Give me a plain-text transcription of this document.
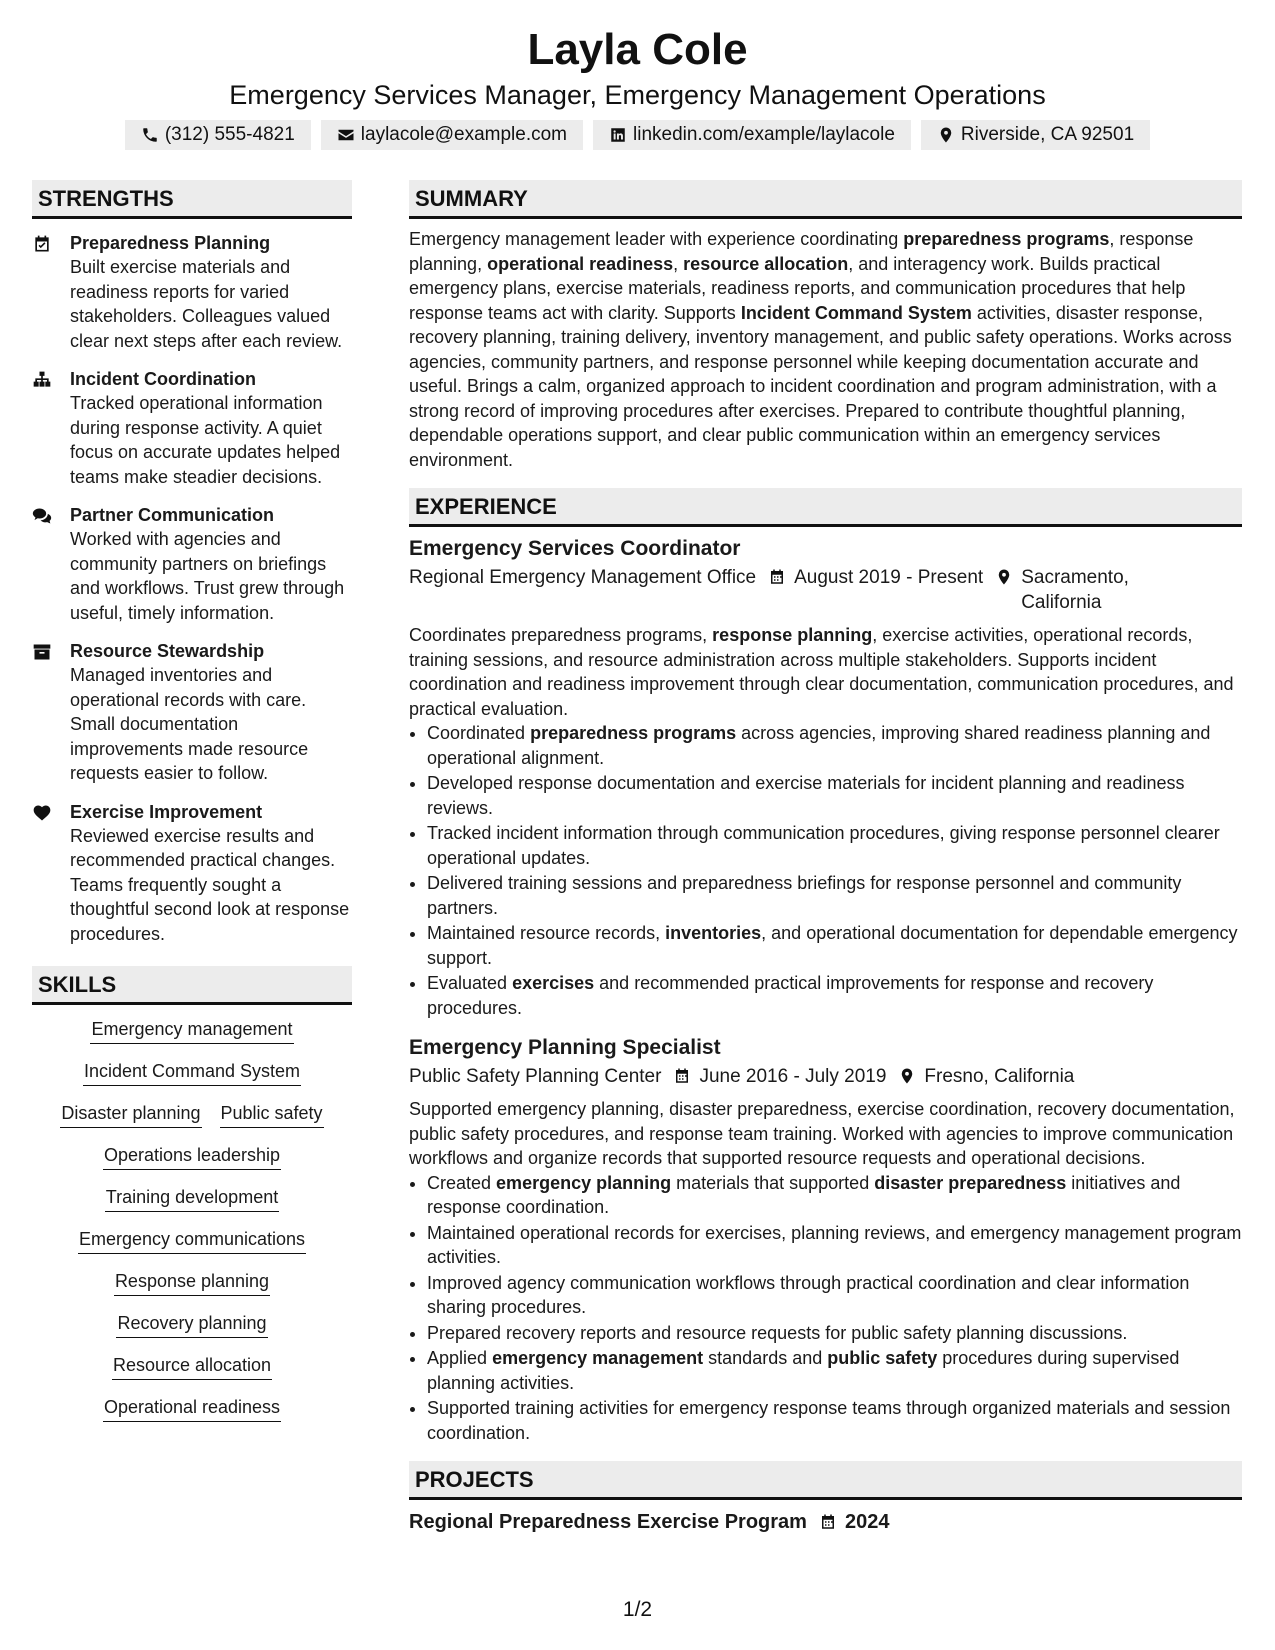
Layla Cole
Emergency Services Manager, Emergency Management Operations
(312) 555-4821	laylacole@example.com	linkedin.com/example/laylacole	Riverside, CA 92501
STRENGTHS
Preparedness Planning
Built exercise materials and readiness reports for varied stakeholders. Colleagues valued clear next steps after each review.
Incident Coordination
Tracked operational information during response activity. A quiet focus on accurate updates helped teams make steadier decisions.
Partner Communication
Worked with agencies and community partners on briefings and workflows. Trust grew through useful, timely information.
Resource Stewardship
Managed inventories and operational records with care. Small documentation improvements made resource requests easier to follow.
Exercise Improvement
Reviewed exercise results and recommended practical changes. Teams frequently sought a thoughtful second look at response procedures.
SKILLS
Emergency management
Incident Command System
Disaster planning Public safety
Operations leadership
Training development
Emergency communications
Response planning
Recovery planning
Resource allocation
Operational readiness
SUMMARY
Emergency management leader with experience coordinating preparedness programs, response planning, operational readiness, resource allocation, and interagency work. Builds practical emergency plans, exercise materials, readiness reports, and communication procedures that help response teams act with clarity. Supports Incident Command System activities, disaster response, recovery planning, training delivery, inventory management, and public safety operations. Works across agencies, community partners, and response personnel while keeping documentation accurate and useful. Brings a calm, organized approach to incident coordination and program administration, with a strong record of improving procedures after exercises. Prepared to contribute thoughtful planning, dependable operations support, and clear public communication within an emergency services environment.
EXPERIENCE
Emergency Services Coordinator
Regional Emergency Management Office August 2019 - Present Sacramento, California
Coordinates preparedness programs, response planning, exercise activities, operational records, training sessions, and resource administration across multiple stakeholders. Supports incident coordination and readiness improvement through clear documentation, communication procedures, and practical evaluation.
• Coordinated preparedness programs across agencies, improving shared readiness planning and operational alignment.
• Developed response documentation and exercise materials for incident planning and readiness reviews.
• Tracked incident information through communication procedures, giving response personnel clearer operational updates.
• Delivered training sessions and preparedness briefings for response personnel and community partners.
• Maintained resource records, inventories, and operational documentation for dependable emergency support.
• Evaluated exercises and recommended practical improvements for response and recovery procedures.
Emergency Planning Specialist
Public Safety Planning Center June 2016 - July 2019 Fresno, California
Supported emergency planning, disaster preparedness, exercise coordination, recovery documentation, public safety procedures, and response team training. Worked with agencies to improve communication workflows and organize records that supported resource requests and operational decisions.
• Created emergency planning materials that supported disaster preparedness initiatives and response coordination.
• Maintained operational records for exercises, planning reviews, and emergency management program activities.
• Improved agency communication workflows through practical coordination and clear information sharing procedures.
• Prepared recovery reports and resource requests for public safety planning discussions.
• Applied emergency management standards and public safety procedures during supervised planning activities.
• Supported training activities for emergency response teams through organized materials and session coordination.
PROJECTS
Regional Preparedness Exercise Program 2024
1/2
